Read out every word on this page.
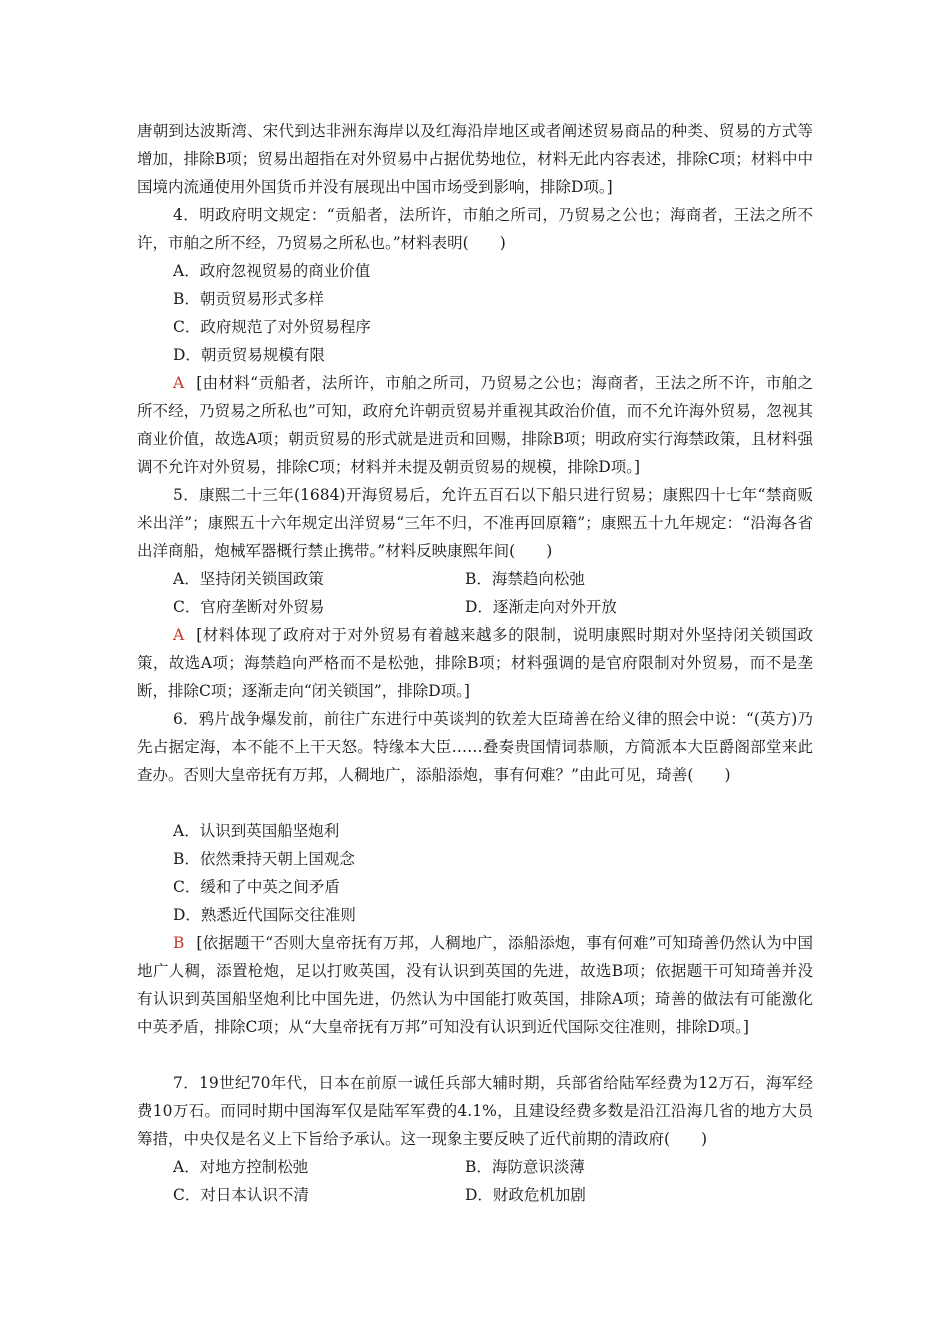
唐朝到达波斯湾、宋代到达非洲东海岸以及红海沿岸地区或者阐述贸易商品的种类、贸易的方式等增加，排除B项；贸易出超指在对外贸易中占据优势地位，材料无此内容表述，排除C项；材料中中国境内流通使用外国货币并没有展现出中国市场受到影响，排除D项。]
4．明政府明文规定：“贡船者，法所许，市舶之所司，乃贸易之公也；海商者，王法之所不许，市舶之所不经，乃贸易之所私也。”材料表明(　　)
A．政府忽视贸易的商业价值
B．朝贡贸易形式多样
C．政府规范了对外贸易程序
D．朝贡贸易规模有限
A [由材料“贡船者，法所许，市舶之所司，乃贸易之公也；海商者，王法之所不许，市舶之所不经，乃贸易之所私也”可知，政府允许朝贡贸易并重视其政治价值，而不允许海外贸易，忽视其商业价值，故选A项；朝贡贸易的形式就是进贡和回赐，排除B项；明政府实行海禁政策，且材料强调不允许对外贸易，排除C项；材料并未提及朝贡贸易的规模，排除D项。]
5．康熙二十三年(1684)开海贸易后，允许五百石以下船只进行贸易；康熙四十七年“禁商贩米出洋”；康熙五十六年规定出洋贸易“三年不归，不准再回原籍”；康熙五十九年规定：“沿海各省出洋商船，炮械军器概行禁止携带。”材料反映康熙年间(　　)
A．坚持闭关锁国政策	B．海禁趋向松弛
C．官府垄断对外贸易	D．逐渐走向对外开放
A [材料体现了政府对于对外贸易有着越来越多的限制，说明康熙时期对外坚持闭关锁国政策，故选A项；海禁趋向严格而不是松弛，排除B项；材料强调的是官府限制对外贸易，而不是垄断，排除C项；逐渐走向“闭关锁国”，排除D项。]
6．鸦片战争爆发前，前往广东进行中英谈判的钦差大臣琦善在给义律的照会中说：“(英方)乃先占据定海，本不能不上干天怒。特缘本大臣……叠奏贵国情词恭顺，方简派本大臣爵阁部堂来此查办。否则大皇帝抚有万邦，人稠地广，添船添炮，事有何难？”由此可见，琦善(　　)
A．认识到英国船坚炮利
B．依然秉持天朝上国观念
C．缓和了中英之间矛盾
D．熟悉近代国际交往准则
B [依据题干“否则大皇帝抚有万邦，人稠地广，添船添炮，事有何难”可知琦善仍然认为中国地广人稠，添置枪炮，足以打败英国，没有认识到英国的先进，故选B项；依据题干可知琦善并没有认识到英国船坚炮利比中国先进，仍然认为中国能打败英国，排除A项；琦善的做法有可能激化中英矛盾，排除C项；从“大皇帝抚有万邦”可知没有认识到近代国际交往准则，排除D项。]
7．19世纪70年代，日本在前原一诚任兵部大辅时期，兵部省给陆军经费为12万石，海军经费10万石。而同时期中国海军仅是陆军军费的4.1%，且建设经费多数是沿江沿海几省的地方大员筹措，中央仅是名义上下旨给予承认。这一现象主要反映了近代前期的清政府(　　)
A．对地方控制松弛	B．海防意识淡薄
C．对日本认识不清	D．财政危机加剧
